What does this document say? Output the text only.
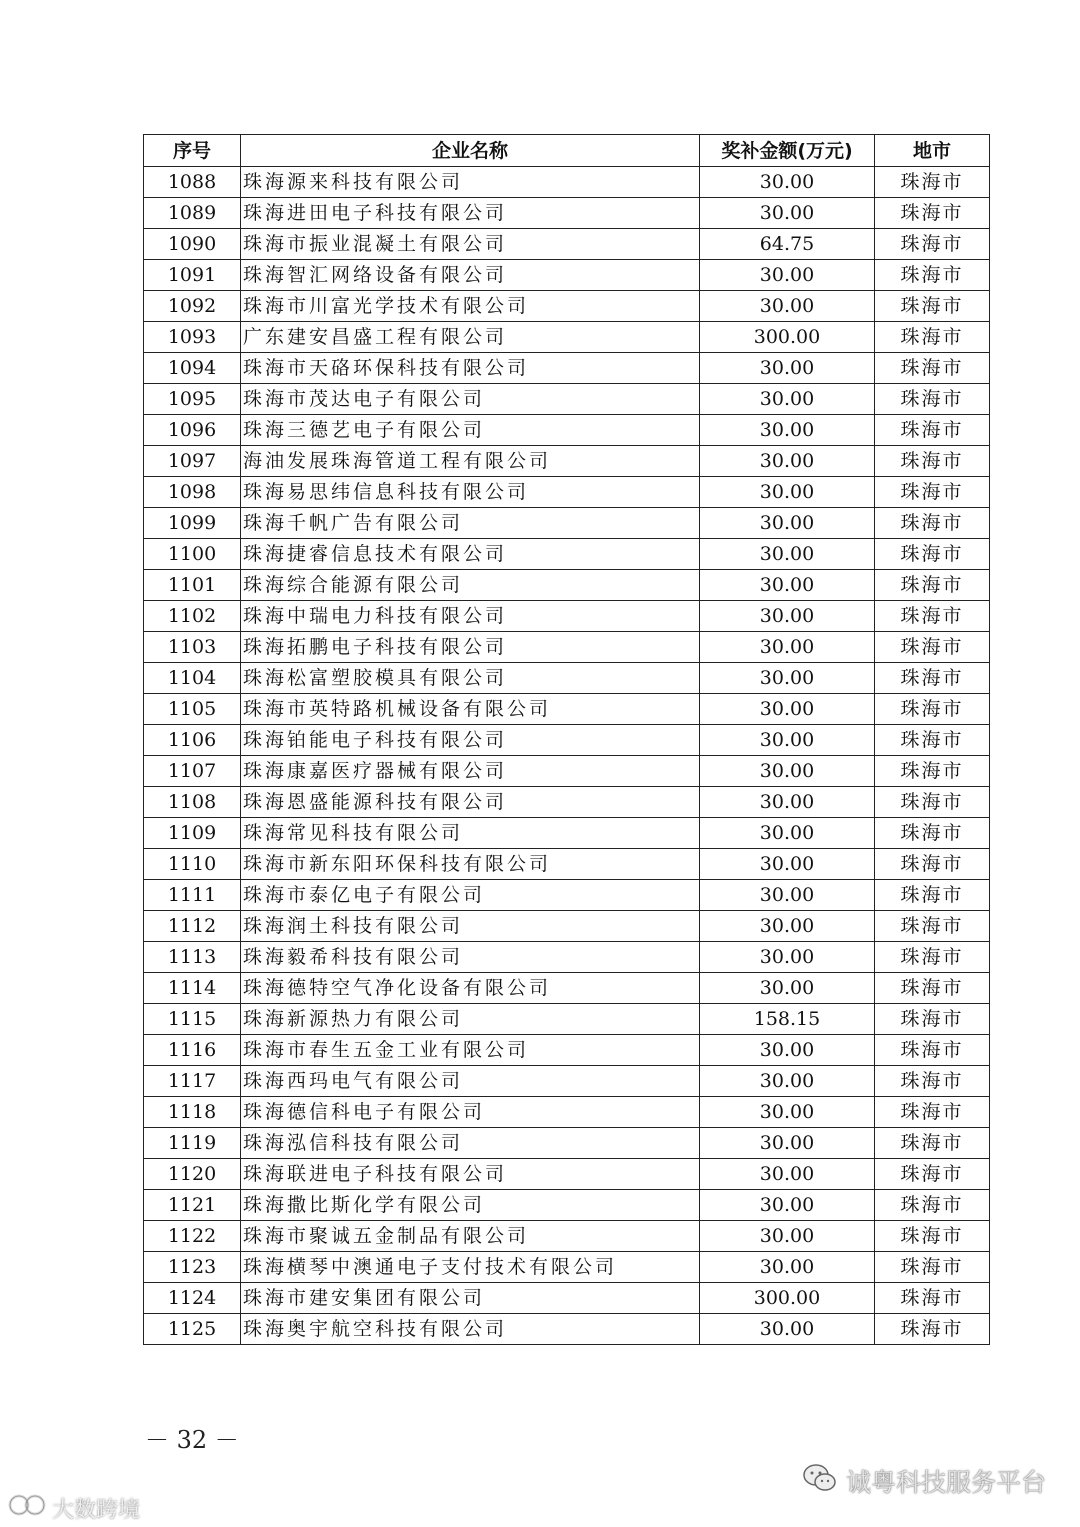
序号	企业名称	奖补金额(万元)	地市
1088	珠海源来科技有限公司	30.00	珠海市
1089	珠海进田电子科技有限公司	30.00	珠海市
1090	珠海市振业混凝土有限公司	64.75	珠海市
1091	珠海智汇网络设备有限公司	30.00	珠海市
1092	珠海市川富光学技术有限公司	30.00	珠海市
1093	广东建安昌盛工程有限公司	300.00	珠海市
1094	珠海市天硌环保科技有限公司	30.00	珠海市
1095	珠海市茂达电子有限公司	30.00	珠海市
1096	珠海三德艺电子有限公司	30.00	珠海市
1097	海油发展珠海管道工程有限公司	30.00	珠海市
1098	珠海易思纬信息科技有限公司	30.00	珠海市
1099	珠海千帆广告有限公司	30.00	珠海市
1100	珠海捷睿信息技术有限公司	30.00	珠海市
1101	珠海综合能源有限公司	30.00	珠海市
1102	珠海中瑞电力科技有限公司	30.00	珠海市
1103	珠海拓鹏电子科技有限公司	30.00	珠海市
1104	珠海松富塑胶模具有限公司	30.00	珠海市
1105	珠海市英特路机械设备有限公司	30.00	珠海市
1106	珠海铂能电子科技有限公司	30.00	珠海市
1107	珠海康嘉医疗器械有限公司	30.00	珠海市
1108	珠海恩盛能源科技有限公司	30.00	珠海市
1109	珠海常见科技有限公司	30.00	珠海市
1110	珠海市新东阳环保科技有限公司	30.00	珠海市
1111	珠海市泰亿电子有限公司	30.00	珠海市
1112	珠海润土科技有限公司	30.00	珠海市
1113	珠海毅希科技有限公司	30.00	珠海市
1114	珠海德特空气净化设备有限公司	30.00	珠海市
1115	珠海新源热力有限公司	158.15	珠海市
1116	珠海市春生五金工业有限公司	30.00	珠海市
1117	珠海西玛电气有限公司	30.00	珠海市
1118	珠海德信科电子有限公司	30.00	珠海市
1119	珠海泓信科技有限公司	30.00	珠海市
1120	珠海联进电子科技有限公司	30.00	珠海市
1121	珠海撒比斯化学有限公司	30.00	珠海市
1122	珠海市聚诚五金制品有限公司	30.00	珠海市
1123	珠海横琴中澳通电子支付技术有限公司	30.00	珠海市
1124	珠海市建安集团有限公司	300.00	珠海市
1125	珠海奥宇航空科技有限公司	30.00	珠海市
－ 32 －
诚粤科技服务平台
大数跨境
